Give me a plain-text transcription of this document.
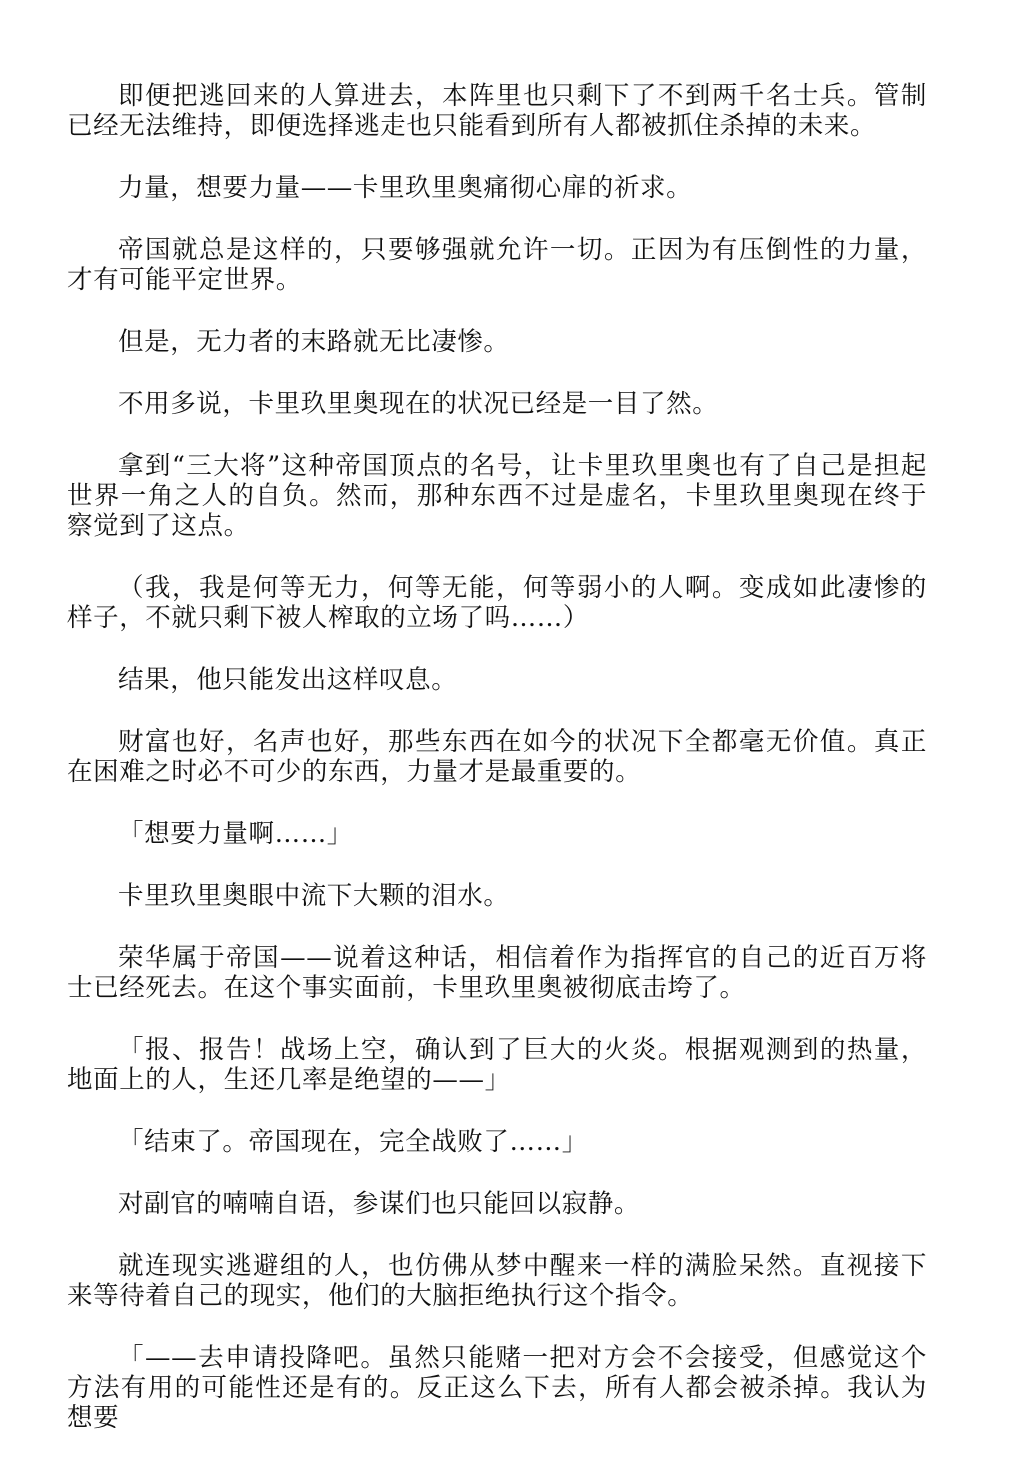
即便把逃回来的人算进去，本阵里也只剩下了不到两千名士兵。管制已经无法维持，即便选择逃走也只能看到所有人都被抓住杀掉的未来。

力量，想要力量——卡里玖里奥痛彻心扉的祈求。

帝国就总是这样的，只要够强就允许一切。正因为有压倒性的力量，才有可能平定世界。

但是，无力者的末路就无比凄惨。

不用多说，卡里玖里奥现在的状况已经是一目了然。

拿到“三大将”这种帝国顶点的名号，让卡里玖里奥也有了自己是担起世界一角之人的自负。然而，那种东西不过是虚名，卡里玖里奥现在终于察觉到了这点。

（我，我是何等无力，何等无能，何等弱小的人啊。变成如此凄惨的样子，不就只剩下被人榨取的立场了吗……）

结果，他只能发出这样叹息。

财富也好，名声也好，那些东西在如今的状况下全都毫无价值。真正在困难之时必不可少的东西，力量才是最重要的。

「想要力量啊……」

卡里玖里奥眼中流下大颗的泪水。

荣华属于帝国——说着这种话，相信着作为指挥官的自己的近百万将士已经死去。在这个事实面前，卡里玖里奥被彻底击垮了。

「报、报告！战场上空，确认到了巨大的火炎。根据观测到的热量，地面上的人，生还几率是绝望的——」

「结束了。帝国现在，完全战败了……」

对副官的喃喃自语，参谋们也只能回以寂静。

就连现实逃避组的人，也仿佛从梦中醒来一样的满脸呆然。直视接下来等待着自己的现实，他们的大脑拒绝执行这个指令。

「——去申请投降吧。虽然只能赌一把对方会不会接受，但感觉这个方法有用的可能性还是有的。反正这么下去，所有人都会被杀掉。我认为想要
